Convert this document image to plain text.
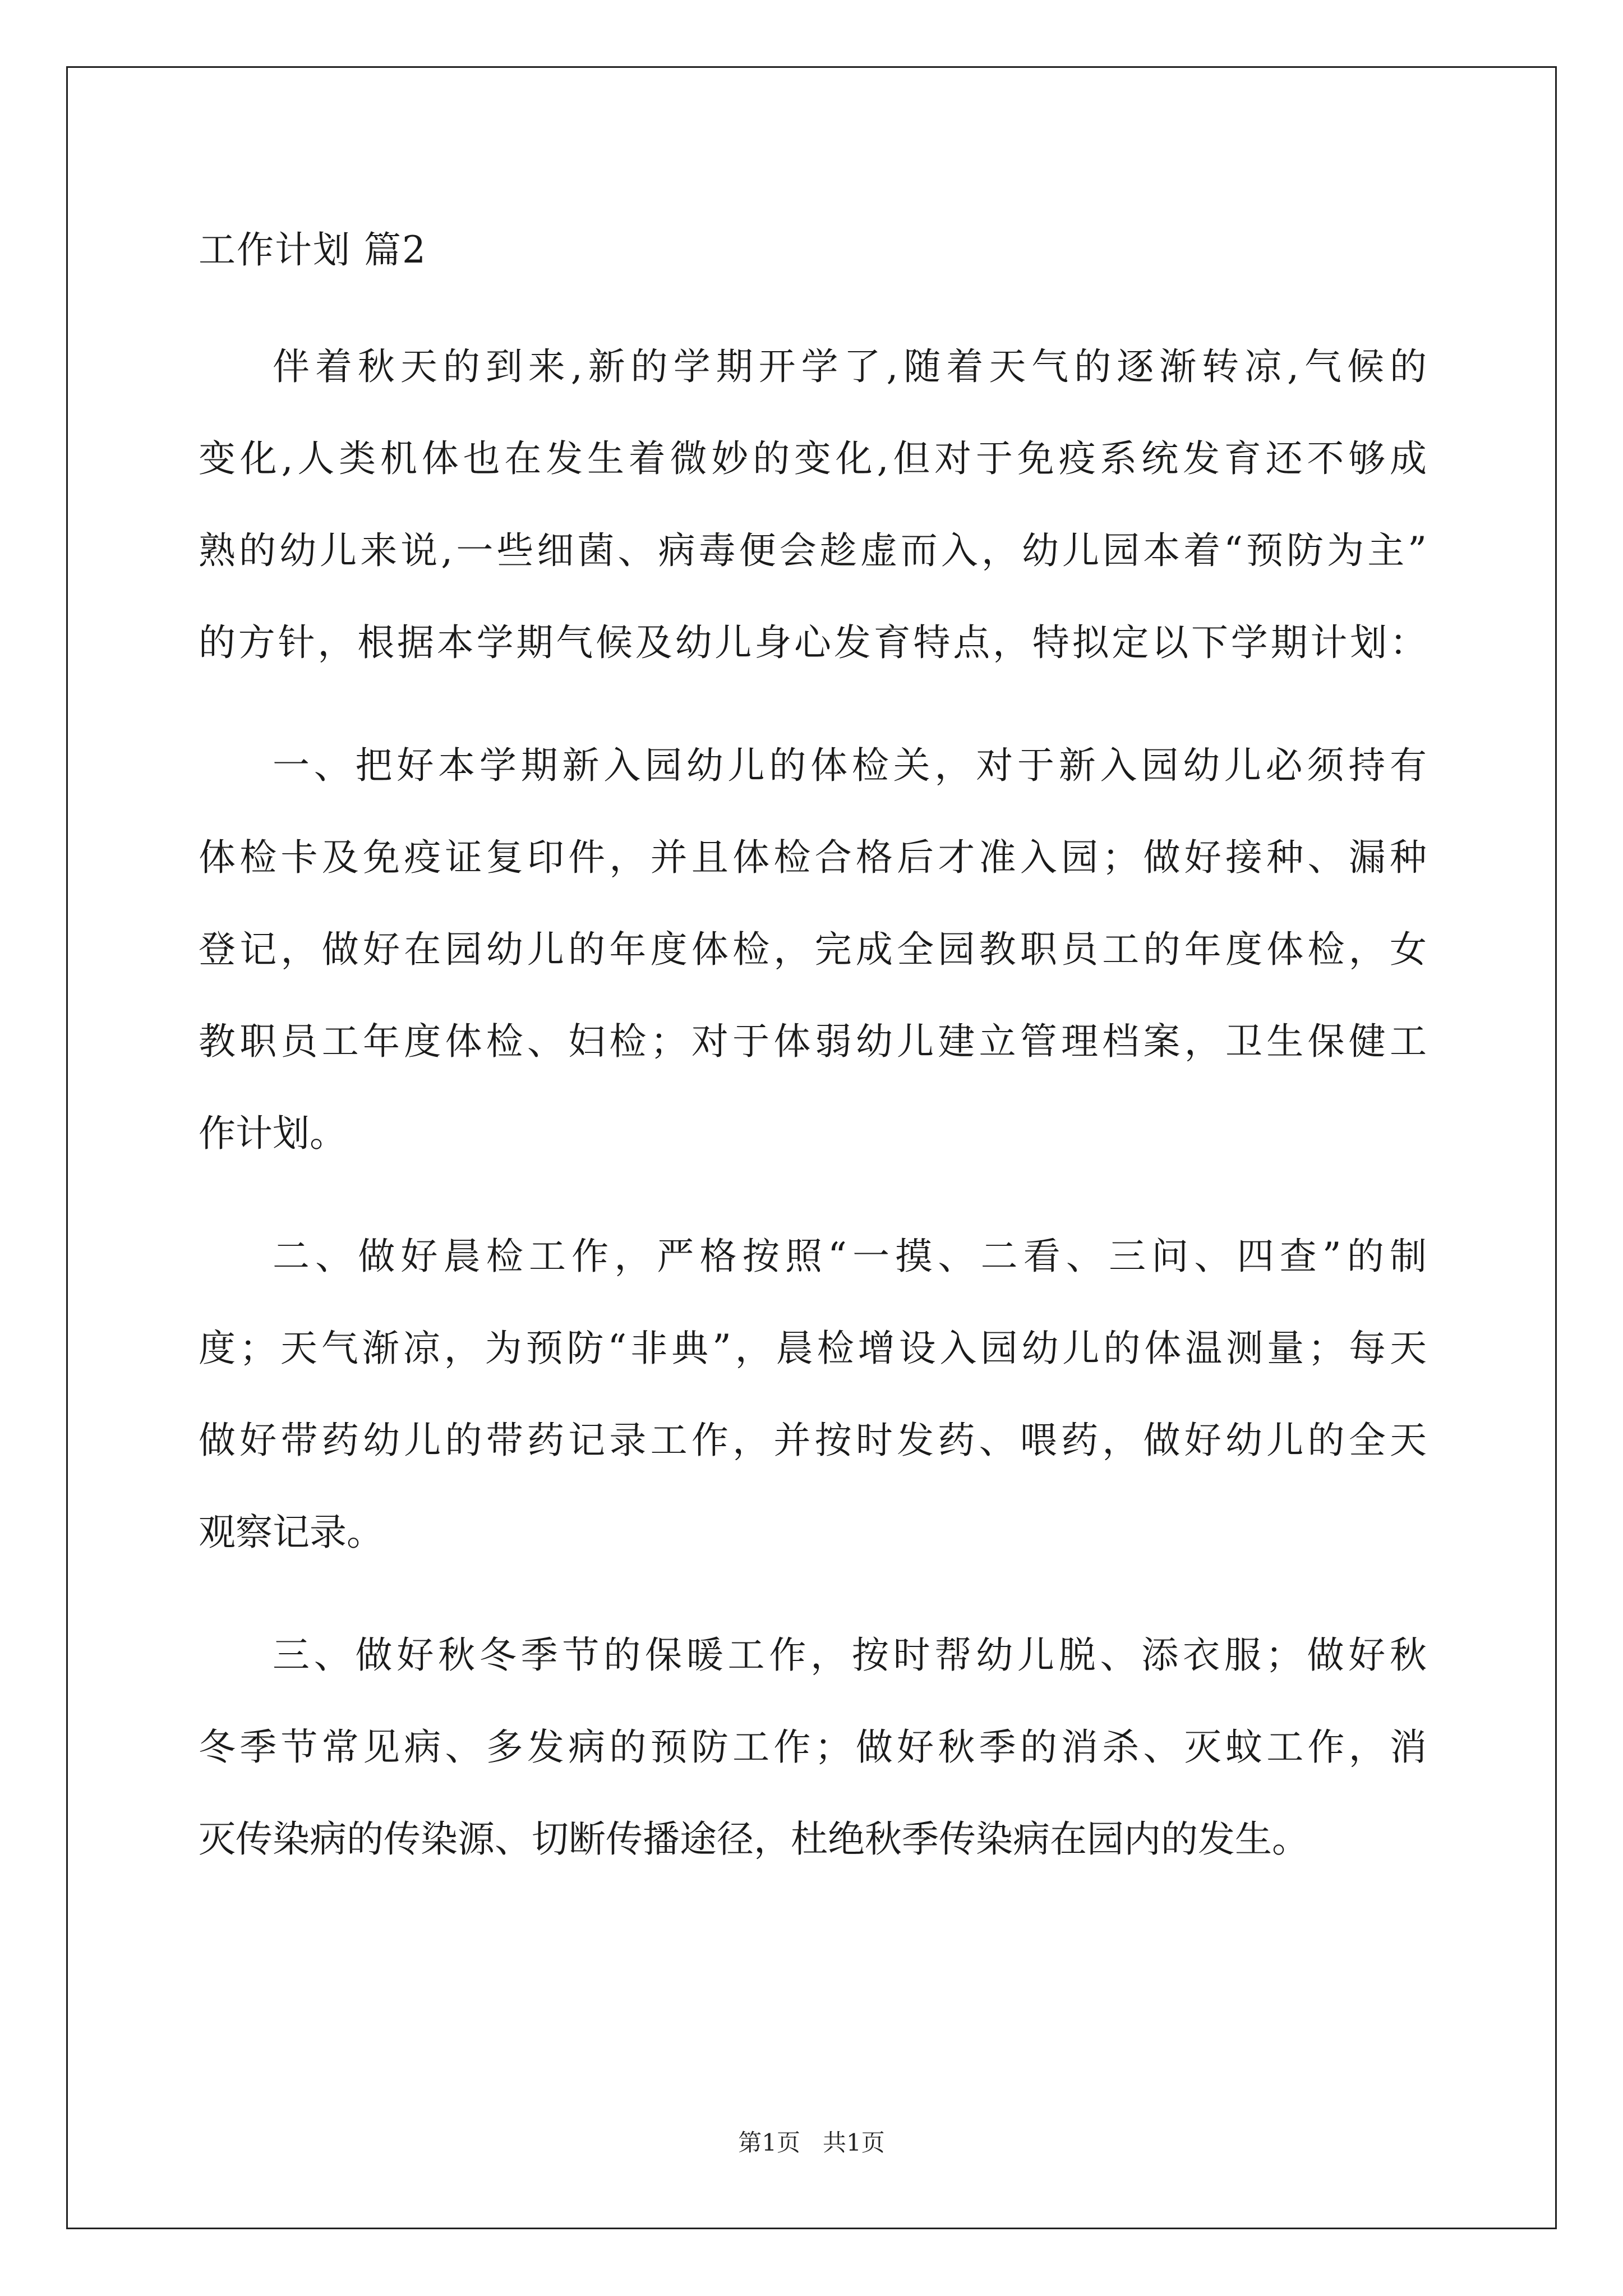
工作计划 篇2

伴着秋天的到来,新的学期开学了,随着天气的逐渐转凉,气候的

变化,人类机体也在发生着微妙的变化,但对于免疫系统发育还不够成

熟的幼儿来说,一些细菌、病毒便会趁虚而入，幼儿园本着“预防为主”

的方针，根据本学期气候及幼儿身心发育特点，特拟定以下学期计划：

一、把好本学期新入园幼儿的体检关，对于新入园幼儿必须持有

体检卡及免疫证复印件，并且体检合格后才准入园；做好接种、漏种

登记，做好在园幼儿的年度体检，完成全园教职员工的年度体检，女

教职员工年度体检、妇检；对于体弱幼儿建立管理档案，卫生保健工

作计划。

二、做好晨检工作，严格按照“一摸、二看、三问、四查”的制

度；天气渐凉，为预防“非典”，晨检增设入园幼儿的体温测量；每天

做好带药幼儿的带药记录工作，并按时发药、喂药，做好幼儿的全天

观察记录。

三、做好秋冬季节的保暖工作，按时帮幼儿脱、添衣服；做好秋

冬季节常见病、多发病的预防工作；做好秋季的消杀、灭蚊工作，消

灭传染病的传染源、切断传播途径，杜绝秋季传染病在园内的发生。

第1页   共1页
